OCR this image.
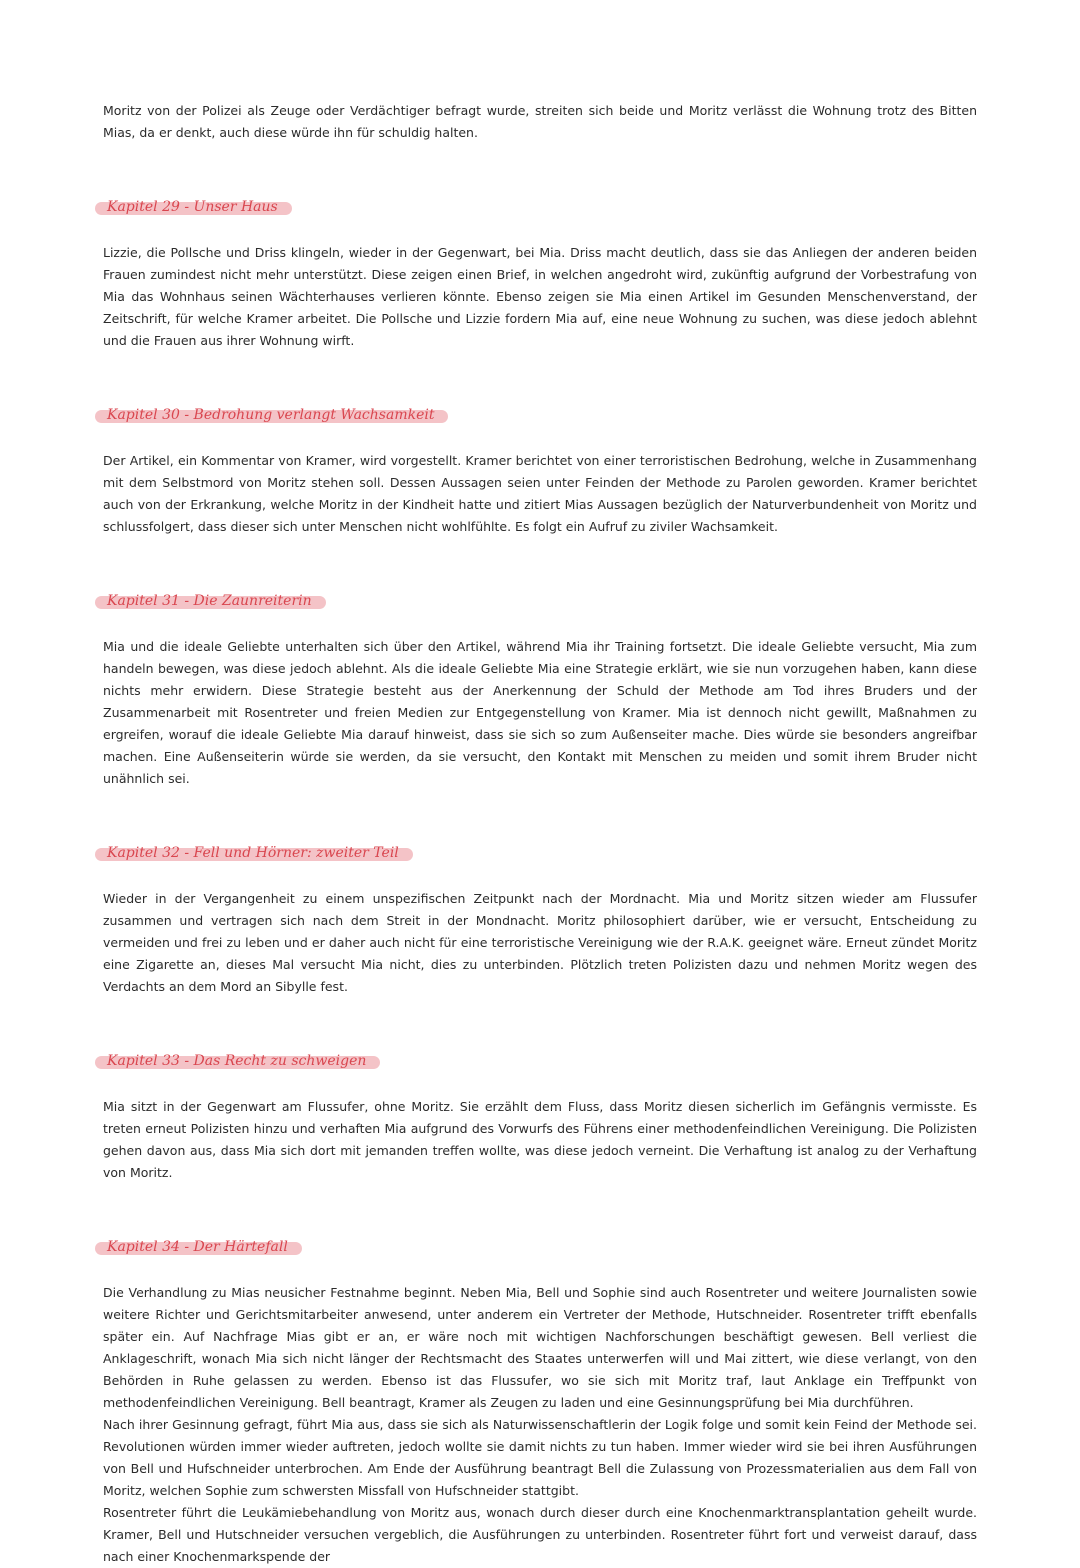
Moritz von der Polizei als Zeuge oder Verdächtiger befragt wurde, streiten sich beide und Moritz verlässt die Wohnung trotz des Bitten Mias, da er denkt, auch diese würde ihn für schuldig halten.

Kapitel 29 - Unser Haus

Lizzie, die Pollsche und Driss klingeln, wieder in der Gegenwart, bei Mia. Driss macht deutlich, dass sie das Anliegen der anderen beiden Frauen zumindest nicht mehr unterstützt. Diese zeigen einen Brief, in welchen angedroht wird, zukünftig aufgrund der Vorbestrafung von Mia das Wohnhaus seinen Wächterhauses verlieren könnte. Ebenso zeigen sie Mia einen Artikel im Gesunden Menschenverstand, der Zeitschrift, für welche Kramer arbeitet. Die Pollsche und Lizzie fordern Mia auf, eine neue Wohnung zu suchen, was diese jedoch ablehnt und die Frauen aus ihrer Wohnung wirft.

Kapitel 30 - Bedrohung verlangt Wachsamkeit

Der Artikel, ein Kommentar von Kramer, wird vorgestellt. Kramer berichtet von einer terroristischen Bedrohung, welche in Zusammenhang mit dem Selbstmord von Moritz stehen soll. Dessen Aussagen seien unter Feinden der Methode zu Parolen geworden. Kramer berichtet auch von der Erkrankung, welche Moritz in der Kindheit hatte und zitiert Mias Aussagen bezüglich der Naturverbundenheit von Moritz und schlussfolgert, dass dieser sich unter Menschen nicht wohlfühlte. Es folgt ein Aufruf zu ziviler Wachsamkeit.

Kapitel 31 - Die Zaunreiterin

Mia und die ideale Geliebte unterhalten sich über den Artikel, während Mia ihr Training fortsetzt. Die ideale Geliebte versucht, Mia zum handeln bewegen, was diese jedoch ablehnt. Als die ideale Geliebte Mia eine Strategie erklärt, wie sie nun vorzugehen haben, kann diese nichts mehr erwidern. Diese Strategie besteht aus der Anerkennung der Schuld der Methode am Tod ihres Bruders und der Zusammenarbeit mit Rosentreter und freien Medien zur Entgegenstellung von Kramer. Mia ist dennoch nicht gewillt, Maßnahmen zu ergreifen, worauf die ideale Geliebte Mia darauf hinweist, dass sie sich so zum Außenseiter mache. Dies würde sie besonders angreifbar machen. Eine Außenseiterin würde sie werden, da sie versucht, den Kontakt mit Menschen zu meiden und somit ihrem Bruder nicht unähnlich sei.

Kapitel 32 - Fell und Hörner: zweiter Teil

Wieder in der Vergangenheit zu einem unspezifischen Zeitpunkt nach der Mordnacht. Mia und Moritz sitzen wieder am Flussufer zusammen und vertragen sich nach dem Streit in der Mondnacht. Moritz philosophiert darüber, wie er versucht, Entscheidung zu vermeiden und frei zu leben und er daher auch nicht für eine terroristische Vereinigung wie der R.A.K. geeignet wäre. Erneut zündet Moritz eine Zigarette an, dieses Mal versucht Mia nicht, dies zu unterbinden. Plötzlich treten Polizisten dazu und nehmen Moritz wegen des Verdachts an dem Mord an Sibylle fest.

Kapitel 33 - Das Recht zu schweigen

Mia sitzt in der Gegenwart am Flussufer, ohne Moritz. Sie erzählt dem Fluss, dass Moritz diesen sicherlich im Gefängnis vermisste. Es treten erneut Polizisten hinzu und verhaften Mia aufgrund des Vorwurfs des Führens einer methodenfeindlichen Vereinigung. Die Polizisten gehen davon aus, dass Mia sich dort mit jemanden treffen wollte, was diese jedoch verneint. Die Verhaftung ist analog zu der Verhaftung von Moritz.

Kapitel 34 - Der Härtefall

Die Verhandlung zu Mias neusicher Festnahme beginnt. Neben Mia, Bell und Sophie sind auch Rosentreter und weitere Journalisten sowie weitere Richter und Gerichtsmitarbeiter anwesend, unter anderem ein Vertreter der Methode, Hutschneider. Rosentreter trifft ebenfalls später ein. Auf Nachfrage Mias gibt er an, er wäre noch mit wichtigen Nachforschungen beschäftigt gewesen. Bell verliest die Anklageschrift, wonach Mia sich nicht länger der Rechtsmacht des Staates unterwerfen will und Mai zittert, wie diese verlangt, von den Behörden in Ruhe gelassen zu werden. Ebenso ist das Flussufer, wo sie sich mit Moritz traf, laut Anklage ein Treffpunkt von methodenfeindlichen Vereinigung. Bell beantragt, Kramer als Zeugen zu laden und eine Gesinnungsprüfung bei Mia durchführen.

Nach ihrer Gesinnung gefragt, führt Mia aus, dass sie sich als Naturwissenschaftlerin der Logik folge und somit kein Feind der Methode sei. Revolutionen würden immer wieder auftreten, jedoch wollte sie damit nichts zu tun haben. Immer wieder wird sie bei ihren Ausführungen von Bell und Hufschneider unterbrochen. Am Ende der Ausführung beantragt Bell die Zulassung von Prozessmaterialien aus dem Fall von Moritz, welchen Sophie zum schwersten Missfall von Hufschneider stattgibt.

Rosentreter führt die Leukämiebehandlung von Moritz aus, wonach durch dieser durch eine Knochenmarktransplantation geheilt wurde. Kramer, Bell und Hutschneider versuchen vergeblich, die Ausführungen zu unterbinden. Rosentreter führt fort und verweist darauf, dass nach einer Knochenmarkspende der
